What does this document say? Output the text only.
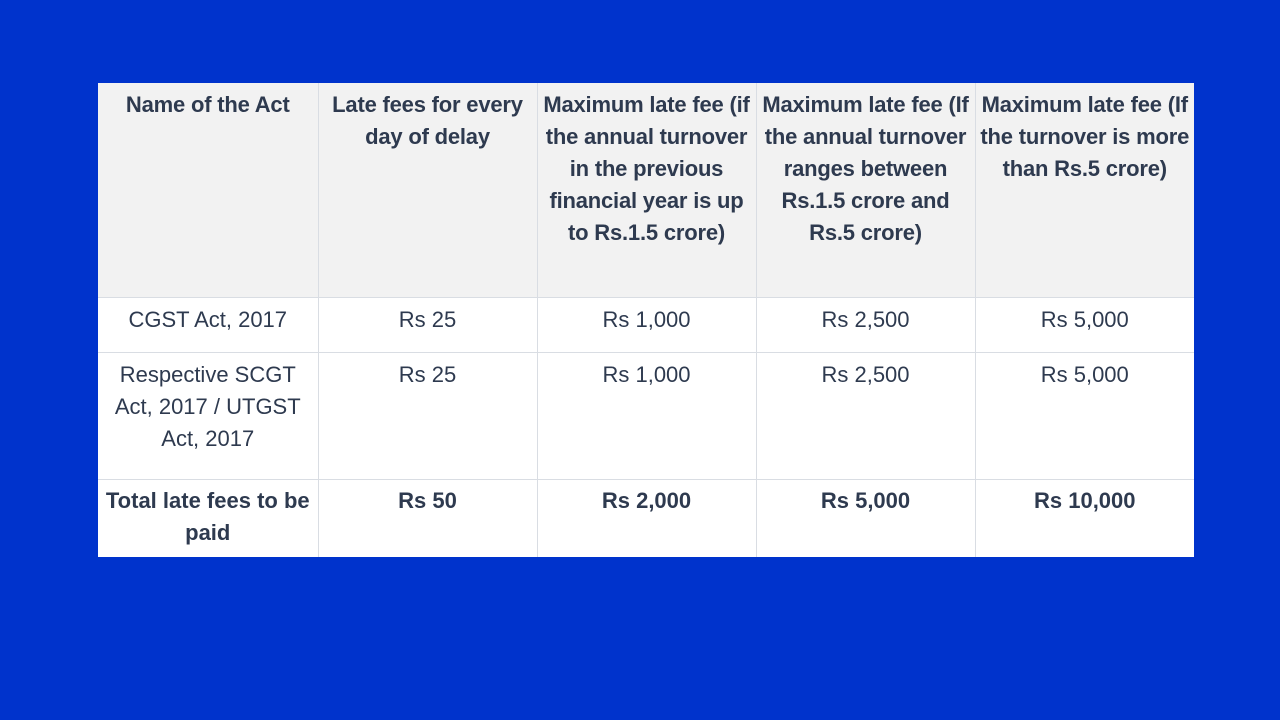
Name of the Act	Late fees for every day of delay	Maximum late fee (if the annual turnover in the previous financial year is up to Rs.1.5 crore)	Maximum late fee (If the annual turnover ranges between Rs.1.5 crore and Rs.5 crore)	Maximum late fee (If the turnover is more than Rs.5 crore)
CGST Act, 2017	Rs 25	Rs 1,000	Rs 2,500	Rs 5,000
Respective SCGT Act, 2017 / UTGST Act, 2017	Rs 25	Rs 1,000	Rs 2,500	Rs 5,000
Total late fees to be paid	Rs 50	Rs 2,000	Rs 5,000	Rs 10,000
